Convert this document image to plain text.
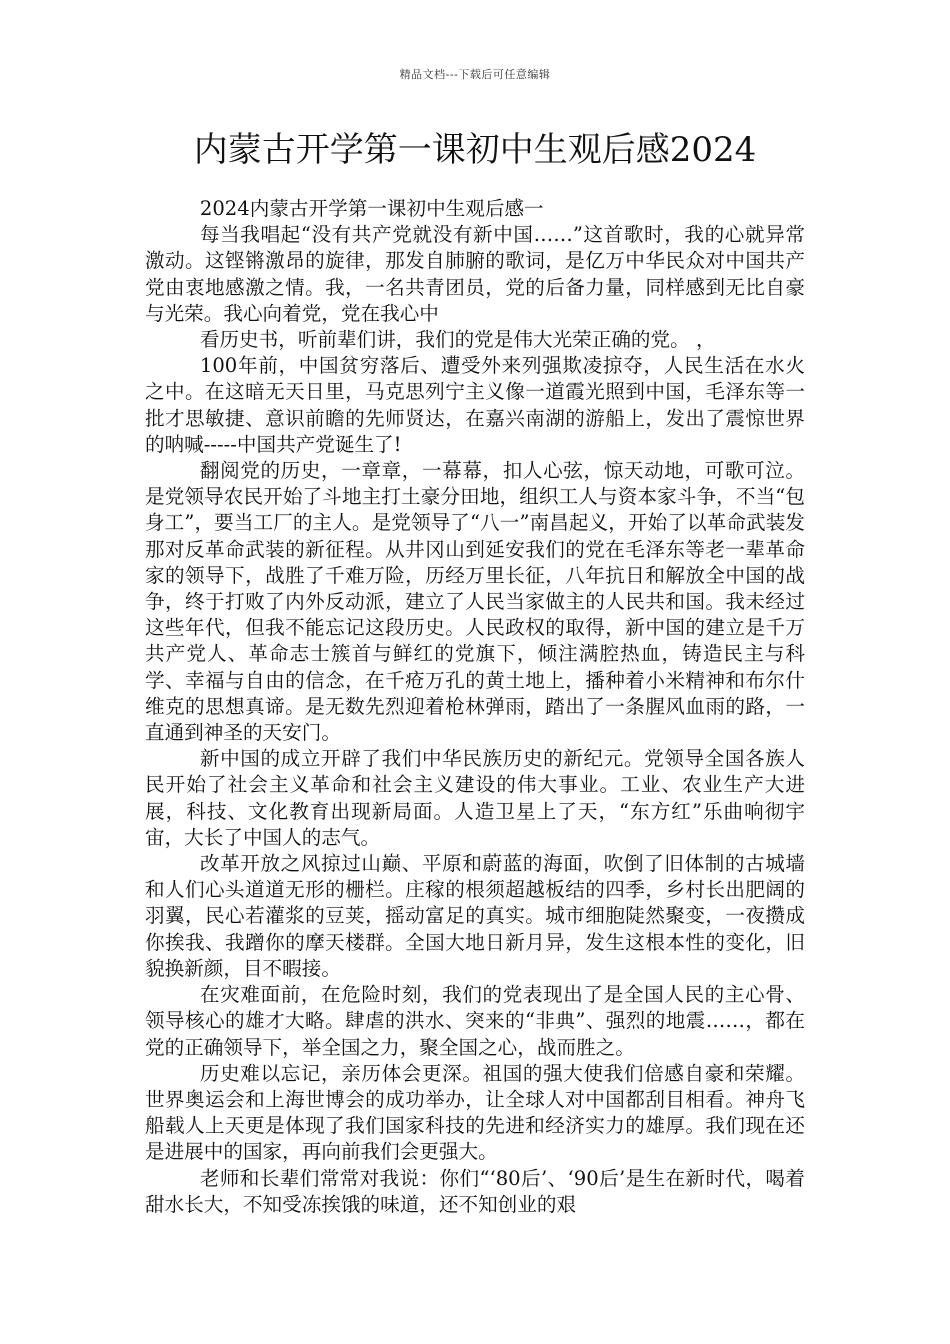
精品文档---下载后可任意编辑
内蒙古开学第一课初中生观后感2024

2024内蒙古开学第一课初中生观后感一

每当我唱起“没有共产党就没有新中国……”这首歌时，我的心就异常激动。这铿锵激昂的旋律，那发自肺腑的歌词，是亿万中华民众对中国共产党由衷地感激之情。我，一名共青团员，党的后备力量，同样感到无比自豪与光荣。我心向着党，党在我心中

看历史书，听前辈们讲，我们的党是伟大光荣正确的党。 ，

100年前，中国贫穷落后、遭受外来列强欺凌掠夺，人民生活在水火之中。在这暗无天日里，马克思列宁主义像一道霞光照到中国，毛泽东等一批才思敏捷、意识前瞻的先师贤达，在嘉兴南湖的游船上，发出了震惊世界的呐喊-----中国共产党诞生了!

翻阅党的历史，一章章，一幕幕，扣人心弦，惊天动地，可歌可泣。是党领导农民开始了斗地主打土豪分田地，组织工人与资本家斗争，不当“包身工”，要当工厂的主人。是党领导了“八一”南昌起义，开始了以革命武装发那对反革命武装的新征程。从井冈山到延安我们的党在毛泽东等老一辈革命家的领导下，战胜了千难万险，历经万里长征，八年抗日和解放全中国的战争，终于打败了内外反动派，建立了人民当家做主的人民共和国。我未经过这些年代，但我不能忘记这段历史。人民政权的取得，新中国的建立是千万共产党人、革命志士簇首与鲜红的党旗下，倾注满腔热血，铸造民主与科学、幸福与自由的信念，在千疮万孔的黄土地上，播种着小米精神和布尔什维克的思想真谛。是无数先烈迎着枪林弹雨，踏出了一条腥风血雨的路，一直通到神圣的天安门。

新中国的成立开辟了我们中华民族历史的新纪元。党领导全国各族人民开始了社会主义革命和社会主义建设的伟大事业。工业、农业生产大进展，科技、文化教育出现新局面。人造卫星上了天，“东方红”乐曲响彻宇宙，大长了中国人的志气。

改革开放之风掠过山巅、平原和蔚蓝的海面，吹倒了旧体制的古城墙和人们心头道道无形的栅栏。庄稼的根须超越板结的四季，乡村长出肥阔的羽翼，民心若灌浆的豆荚，摇动富足的真实。城市细胞陡然聚变，一夜攒成你挨我、我蹭你的摩天楼群。全国大地日新月异，发生这根本性的变化，旧貌换新颜，目不暇接。

在灾难面前，在危险时刻，我们的党表现出了是全国人民的主心骨、领导核心的雄才大略。肆虐的洪水、突来的“非典”、强烈的地震……，都在党的正确领导下，举全国之力，聚全国之心，战而胜之。

历史难以忘记，亲历体会更深。祖国的强大使我们倍感自豪和荣耀。世界奥运会和上海世博会的成功举办，让全球人对中国都刮目相看。神舟飞船载人上天更是体现了我们国家科技的先进和经济实力的雄厚。我们现在还是进展中的国家，再向前我们会更强大。

老师和长辈们常常对我说：你们“‘80后’、‘90后’是生在新时代，喝着甜水长大，不知受冻挨饿的味道，还不知创业的艰
